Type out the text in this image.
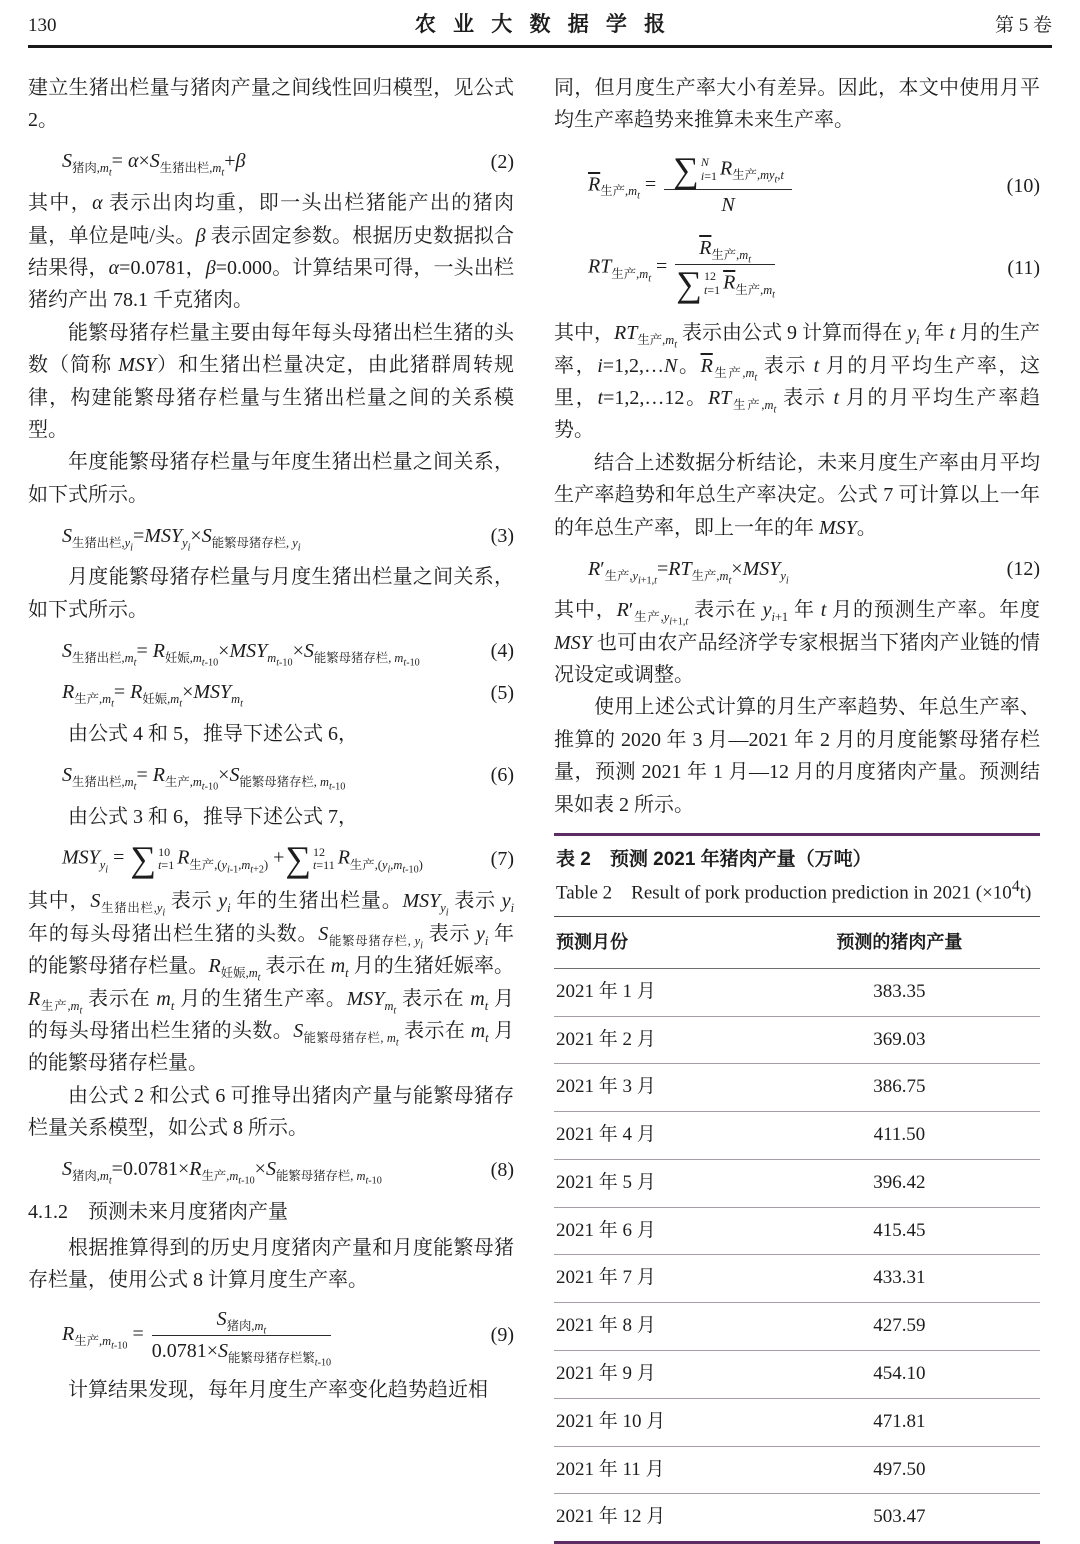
130	农业大数据学报	第 5 卷

建立生猪出栏量与猪肉产量之间线性回归模型，见公式 2。

$S_{猪肉,m_t}= \alpha\times S_{生猪出栏,m_t}+\beta$	(2)

其中，α 表示出肉均重，即一头出栏猪能产出的猪肉量，单位是吨/头。β 表示固定参数。根据历史数据拟合结果得，α=0.0781，β=0.000。计算结果可得，一头出栏猪约产出 78.1 千克猪肉。

能繁母猪存栏量主要由每年每头母猪出栏生猪的头数（简称 MSY）和生猪出栏量决定，由此猪群周转规律，构建能繁母猪存栏量与生猪出栏量之间的关系模型。

年度能繁母猪存栏量与年度生猪出栏量之间关系，如下式所示。

$S_{生猪出栏,y_i}=MSY_{y_i}\times S_{能繁母猪存栏, y_i}$
(3)

月度能繁母猪存栏量与月度生猪出栏量之间关系，如下式所示。

$S_{生猪出栏,m_t}= R_{妊娠,m_{t-10}}\times MSY_{m_{t-10}}\times S_{能繁母猪存栏, m_{t-10}}$
(4)
$R_{生产,m_t}= R_{妊娠,m_t}\times MSY_{m_t}$
(5)

由公式 4 和 5，推导下述公式 6，

$S_{生猪出栏,m_t}= R_{生产,m_{t-10}}\times S_{能繁母猪存栏, m_{t-10}}$
(6)

由公式 3 和 6，推导下述公式 7，

$MSY_{y_i}$ = ∑ 10
t=1 $R_{生产,(y_{i-1},m_{t+2})}$ + ∑ 12
t=11 $R_{生产,(y_i,m_{t-10})}$	(7)

其中，$S_{生猪出栏,y_i}$ 表示 $y_i$ 年的生猪出栏量。$MSY_{y_i}$ 表示 $y_i$ 年的每头母猪出栏生猪的头数。$S_{能繁母猪存栏, y_i}$ 表示 $y_i$ 年的能繁母猪存栏量。$R_{妊娠,m_t}$ 表示在 $m_t$ 月的生猪妊娠率。$R_{生产,m_t}$ 表示在 $m_t$ 月的生猪生产率。$MSY_{m_t}$ 表示在 $m_t$ 月的每头母猪出栏生猪的头数。$S_{能繁母猪存栏, m_t}$ 表示在 $m_t$ 月的能繁母猪存栏量。

由公式 2 和公式 6 可推导出猪肉产量与能繁母猪存栏量关系模型，如公式 8 所示。

$S_{猪肉,m_t}=0.0781\times R_{生产,m_{t-10}}\times S_{能繁母猪存栏, m_{t-10}}$
(8)
4.1.2　预测未来月度猪肉产量

根据推算得到的历史月度猪肉产量和月度能繁母猪存栏量，使用公式 8 计算月度生产率。

$R_{生产,m_{t-10}} = \frac{S_{猪肉,m_t}}{0.0781\times S_{能繁母猪存栏繁_{t-10}}}$	(9)

计算结果发现，每年月度生产率变化趋势趋近相

同，但月度生产率大小有差异。因此，本文中使用月平均生产率趋势来推算未来生产率。

$\overline{R}_{生产,m_t}$ = ∑ N
i=1 $R_{生产,my_t,t}$
N	(10)
$RT_{生产,m_t} = \overline{R}_{生产,m_t}$
∑ 12
t=1 $\overline{R}_{生产,m_t}$	(11)

其中，$RT_{生产,m_t}$ 表示由公式 9 计算而得在 $y_i$ 年 t 月的生产率，i=1,2,…N。$\overline{R}_{生产,m_t}$ 表示 t 月的月平均生产率，这里，t=1,2,…12。$RT_{生产,m_t}$ 表示 t 月的月平均生产率趋势。

结合上述数据分析结论，未来月度生产率由月平均生产率趋势和年总生产率决定。公式 7 可计算以上一年的年总生产率，即上一年的年 MSY。

$R'_{生产,y_{i+1,t}}=RT_{生产,m_t}\times MSY_{y_i}$
(12)

其中，$R'_{生产,y_{i+1,t}}$ 表示在 $y_{i+1}$ 年 t 月的预测生产率。年度 MSY 也可由农产品经济学专家根据当下猪肉产业链的情况设定或调整。

使用上述公式计算的月生产率趋势、年总生产率、推算的 2020 年 3 月—2021 年 2 月的月度能繁母猪存栏量，预测 2021 年 1 月—12 月的月度猪肉产量。预测结果如表 2 所示。

表 2　预测 2021 年猪肉产量（万吨）
Table 2　Result of pork production prediction in 2021 $(\times 10^4t)$
预测月份	预测的猪肉产量
2021 年 1 月	383.35
2021 年 2 月	369.03
2021 年 3 月	386.75
2021 年 4 月	411.50
2021 年 5 月	396.42
2021 年 6 月	415.45
2021 年 7 月	433.31
2021 年 8 月	427.59
2021 年 9 月	454.10
2021 年 10 月	471.81
2021 年 11 月	497.50
2021 年 12 月	503.47
